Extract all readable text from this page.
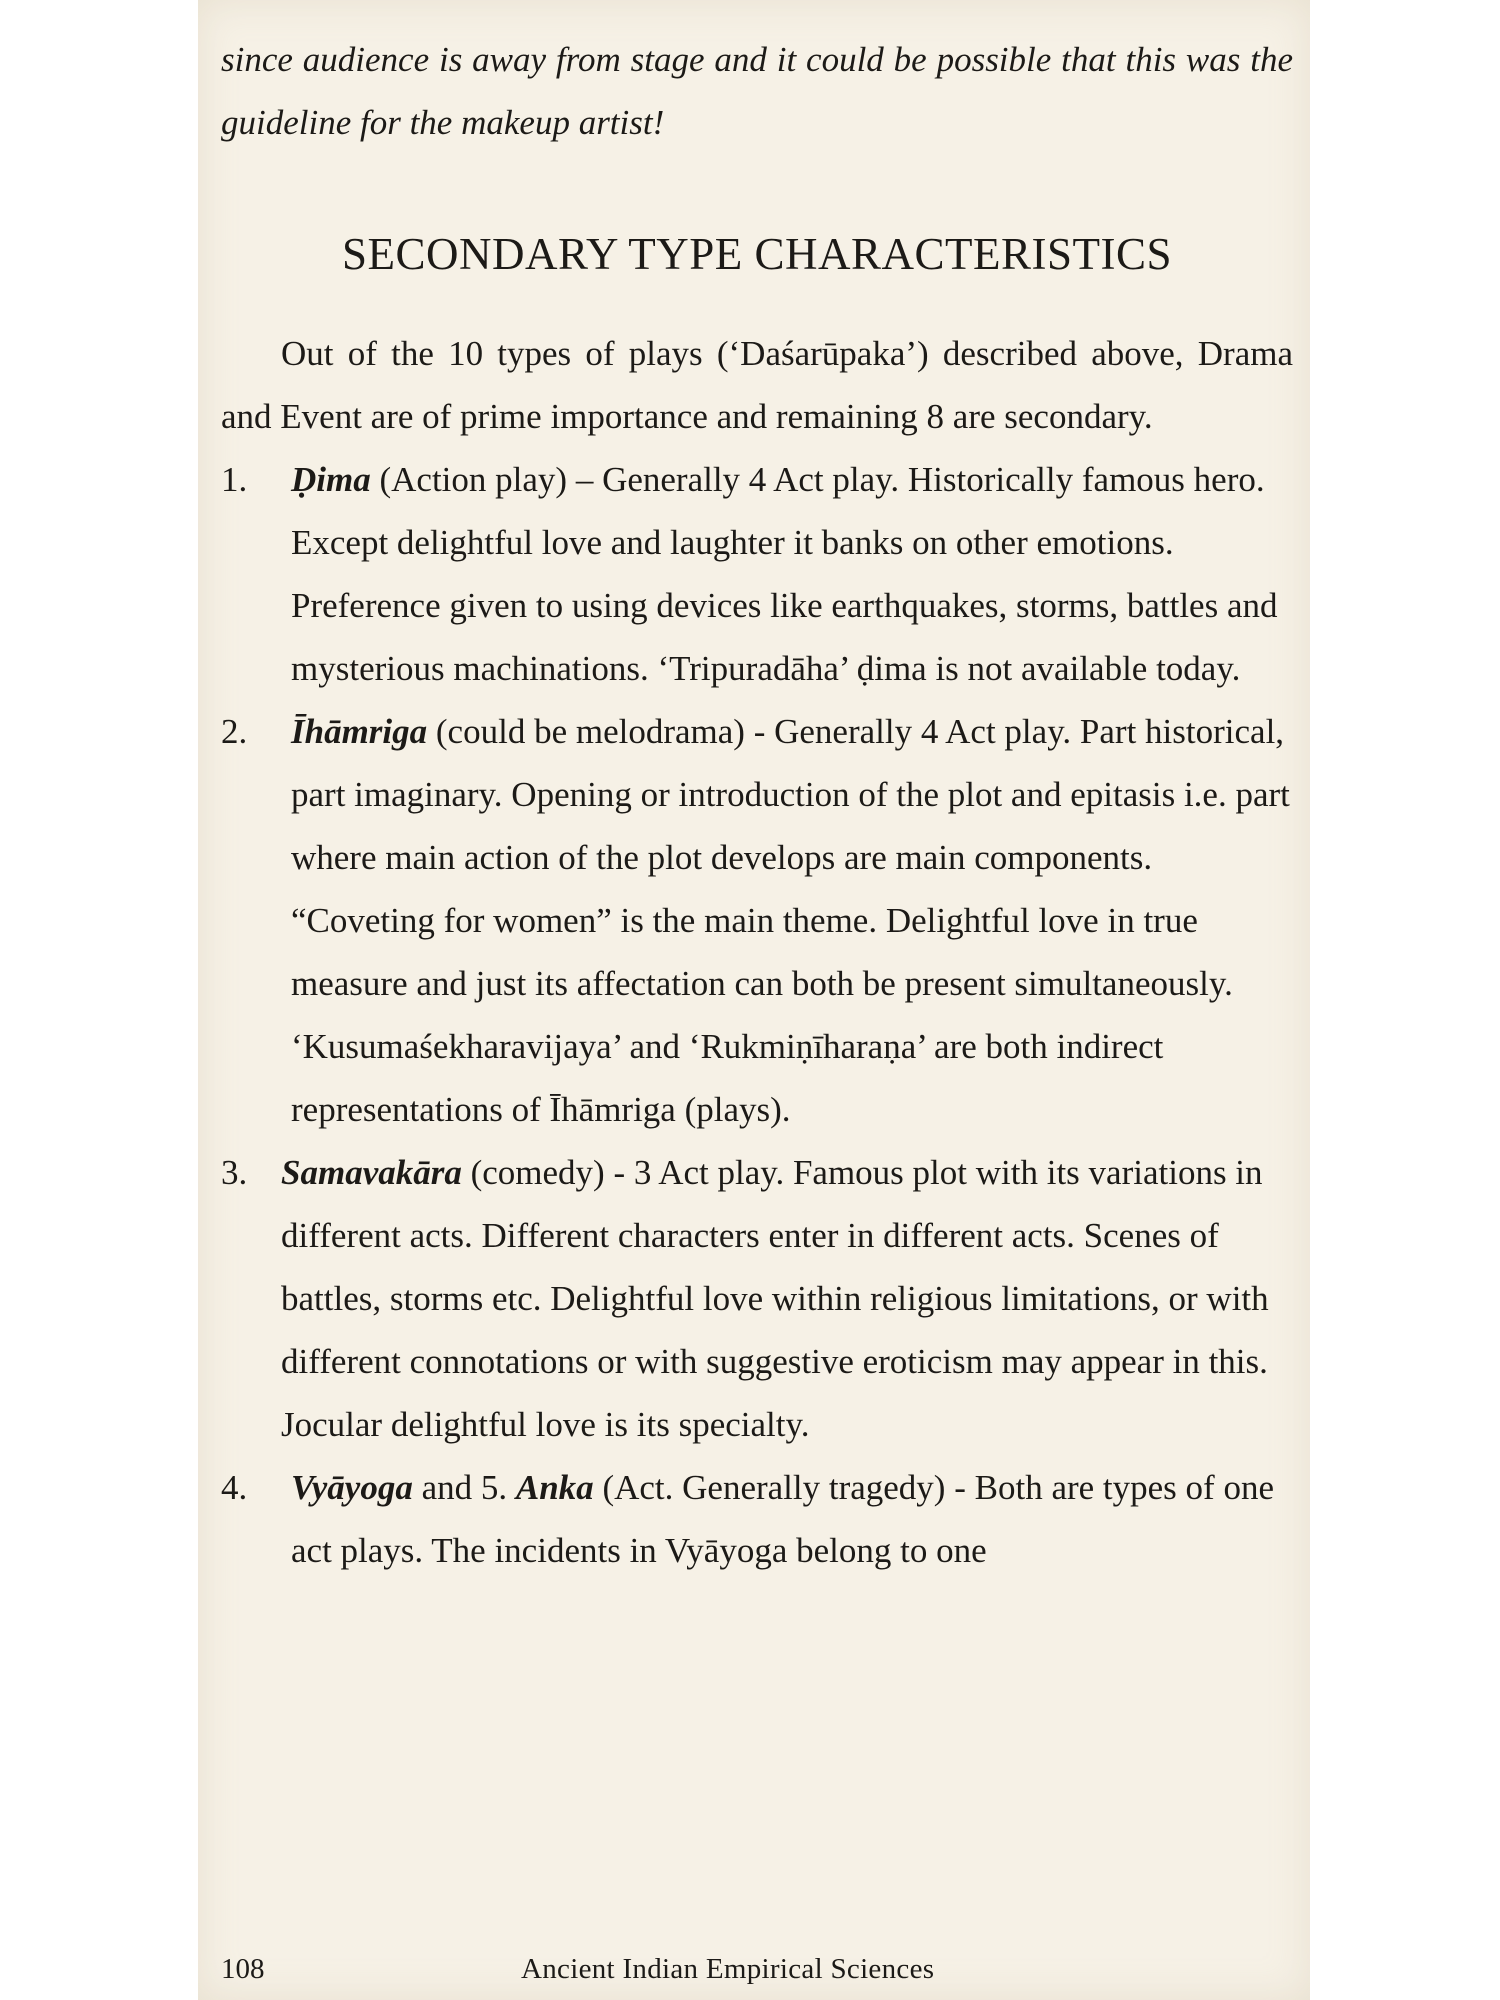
since audience is away from stage and it could be possible that this was the guideline for the makeup artist!

SECONDARY TYPE CHARACTERISTICS

Out of the 10 types of plays (‘Daśarūpaka’) described above, Drama and Event are of prime importance and remaining 8 are secondary.

1. Ḍima (Action play) – Generally 4 Act play. Historically famous hero. Except delightful love and laughter it banks on other emotions. Preference given to using devices like earthquakes, storms, battles and mysterious machinations. ‘Tripuradāha’ ḍima is not available today.
2. Īhāmriga (could be melodrama) - Generally 4 Act play. Part historical, part imaginary. Opening or introduction of the plot and epitasis i.e. part where main action of the plot develops are main components. “Coveting for women” is the main theme. Delightful love in true measure and just its affectation can both be present simultaneously. ‘Kusumaśekharavijaya’ and ‘Rukmiṇīharaṇa’ are both indirect representations of Īhāmriga (plays).
3. Samavakāra (comedy) - 3 Act play. Famous plot with its variations in different acts. Different characters enter in different acts. Scenes of battles, storms etc. Delightful love within religious limitations, or with different connotations or with suggestive eroticism may appear in this. Jocular delightful love is its specialty.
4. Vyāyoga and 5. Anka (Act. Generally tragedy) - Both are types of one act plays. The incidents in Vyāyoga belong to one
108	Ancient Indian Empirical Sciences
